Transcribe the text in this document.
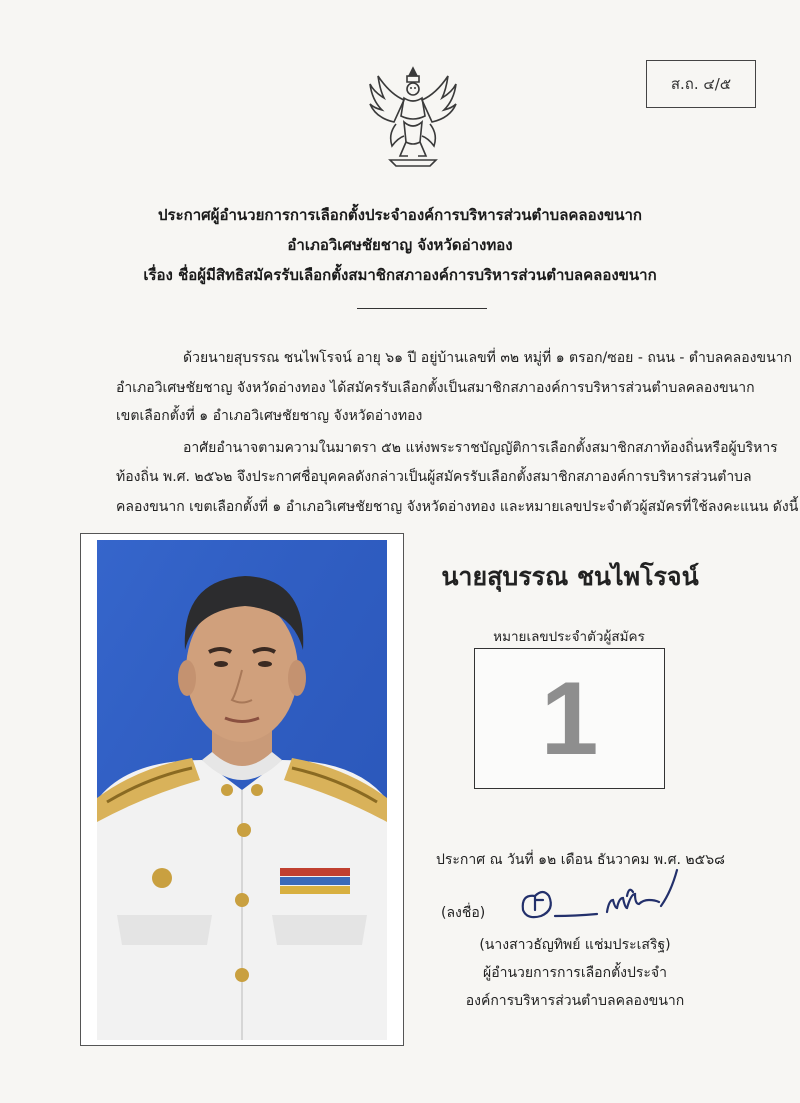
ส.ถ. ๔/๕
ประกาศผู้อำนวยการการเลือกตั้งประจำองค์การบริหารส่วนตำบลคลองขนาก
อำเภอวิเศษชัยชาญ จังหวัดอ่างทอง
เรื่อง ชื่อผู้มีสิทธิสมัครรับเลือกตั้งสมาชิกสภาองค์การบริหารส่วนตำบลคลองขนาก
ด้วยนายสุบรรณ ชนไพโรจน์ อายุ ๖๑ ปี อยู่บ้านเลขที่ ๓๒ หมู่ที่ ๑ ตรอก/ซอย - ถนน - ตำบลคลองขนาก
อำเภอวิเศษชัยชาญ จังหวัดอ่างทอง ได้สมัครรับเลือกตั้งเป็นสมาชิกสภาองค์การบริหารส่วนตำบลคลองขนาก
เขตเลือกตั้งที่ ๑ อำเภอวิเศษชัยชาญ จังหวัดอ่างทอง
อาศัยอำนาจตามความในมาตรา ๕๒ แห่งพระราชบัญญัติการเลือกตั้งสมาชิกสภาท้องถิ่นหรือผู้บริหาร
ท้องถิ่น พ.ศ. ๒๕๖๒ จึงประกาศชื่อบุคคลดังกล่าวเป็นผู้สมัครรับเลือกตั้งสมาชิกสภาองค์การบริหารส่วนตำบล
คลองขนาก เขตเลือกตั้งที่ ๑ อำเภอวิเศษชัยชาญ จังหวัดอ่างทอง และหมายเลขประจำตัวผู้สมัครที่ใช้ลงคะแนน ดังนี้
นายสุบรรณ ชนไพโรจน์
หมายเลขประจำตัวผู้สมัคร
1
ประกาศ ณ วันที่ ๑๒ เดือน ธันวาคม พ.ศ. ๒๕๖๘
(ลงชื่อ)
(นางสาวธัญทิพย์ แช่มประเสริฐ)
ผู้อำนวยการการเลือกตั้งประจำ
องค์การบริหารส่วนตำบลคลองขนาก
